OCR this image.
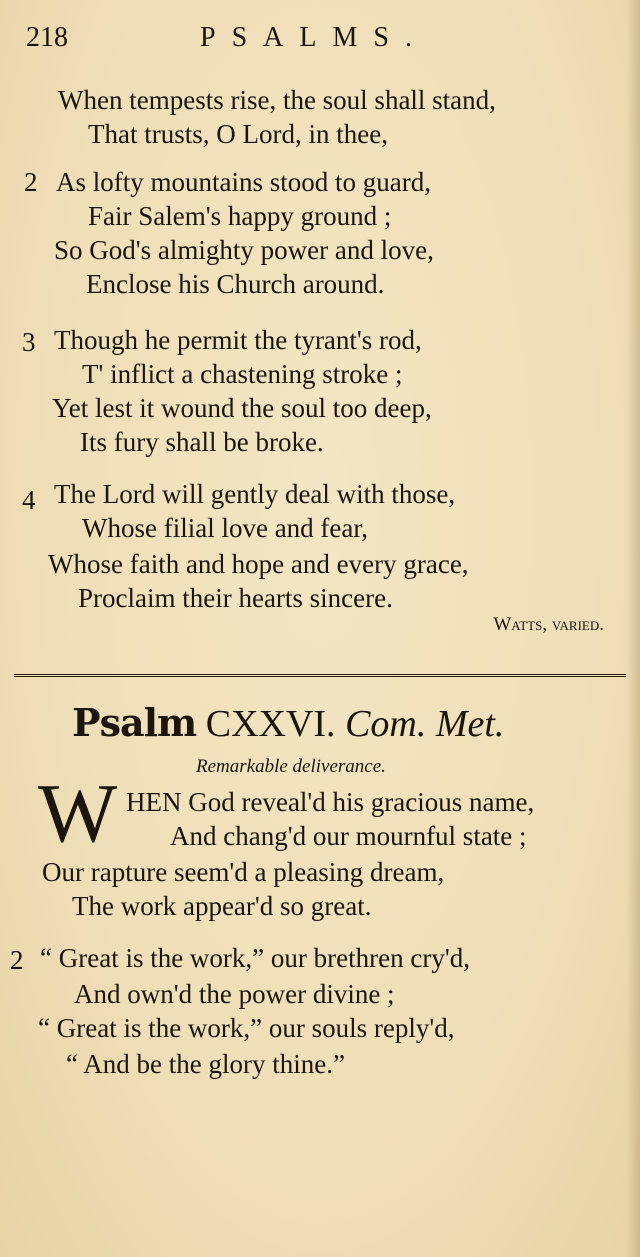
218	PSALMS.
When tempests rise, the soul shall stand,
That trusts, O Lord, in thee,
2 As lofty mountains stood to guard,
Fair Salem's happy ground ;
So God's almighty power and love,
Enclose his Church around.
3 Though he permit the tyrant's rod,
T' inflict a chastening stroke ;
Yet lest it wound the soul too deep,
Its fury shall be broke.
4 The Lord will gently deal with those,
Whose filial love and fear,
Whose faith and hope and every grace,
Proclaim their hearts sincere.
Watts, varied.
Psalm CXXVI. Com. Met.
Remarkable deliverance.
W HEN God reveal'd his gracious name,
And chang'd our mournful state ;
Our rapture seem'd a pleasing dream,
The work appear'd so great.
2 “ Great is the work,” our brethren cry'd,
And own'd the power divine ;
“ Great is the work,” our souls reply'd,
“ And be the glory thine.”
